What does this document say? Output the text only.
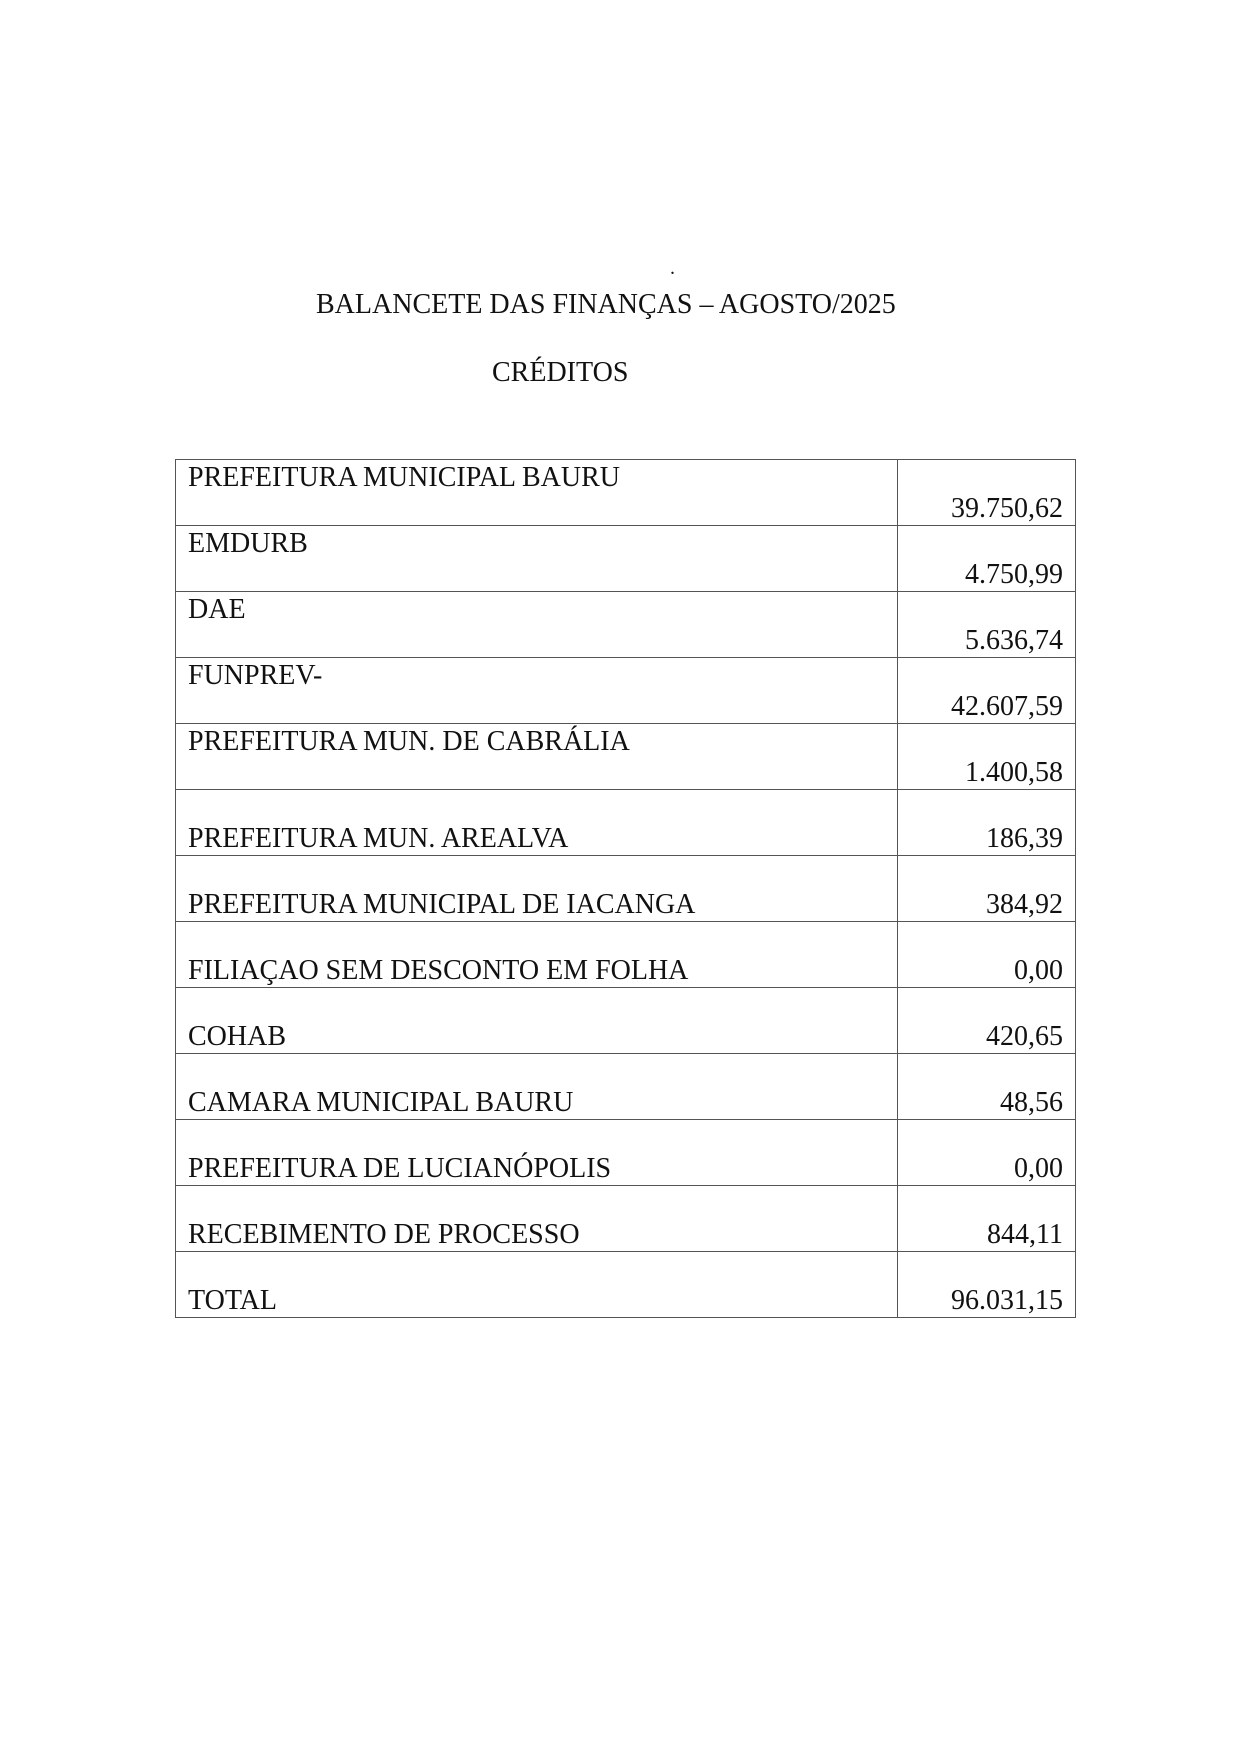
.
BALANCETE DAS FINANÇAS – AGOSTO/2025
CRÉDITOS
PREFEITURA MUNICIPAL BAURU	39.750,62
EMDURB	4.750,99
DAE	5.636,74
FUNPREV-	42.607,59
PREFEITURA MUN. DE CABRÁLIA	1.400,58
PREFEITURA MUN. AREALVA	186,39
PREFEITURA MUNICIPAL DE IACANGA	384,92
FILIAÇAO SEM DESCONTO EM FOLHA	0,00
COHAB	420,65
CAMARA MUNICIPAL BAURU	48,56
PREFEITURA DE LUCIANÓPOLIS	0,00
RECEBIMENTO DE PROCESSO	844,11
TOTAL	96.031,15
